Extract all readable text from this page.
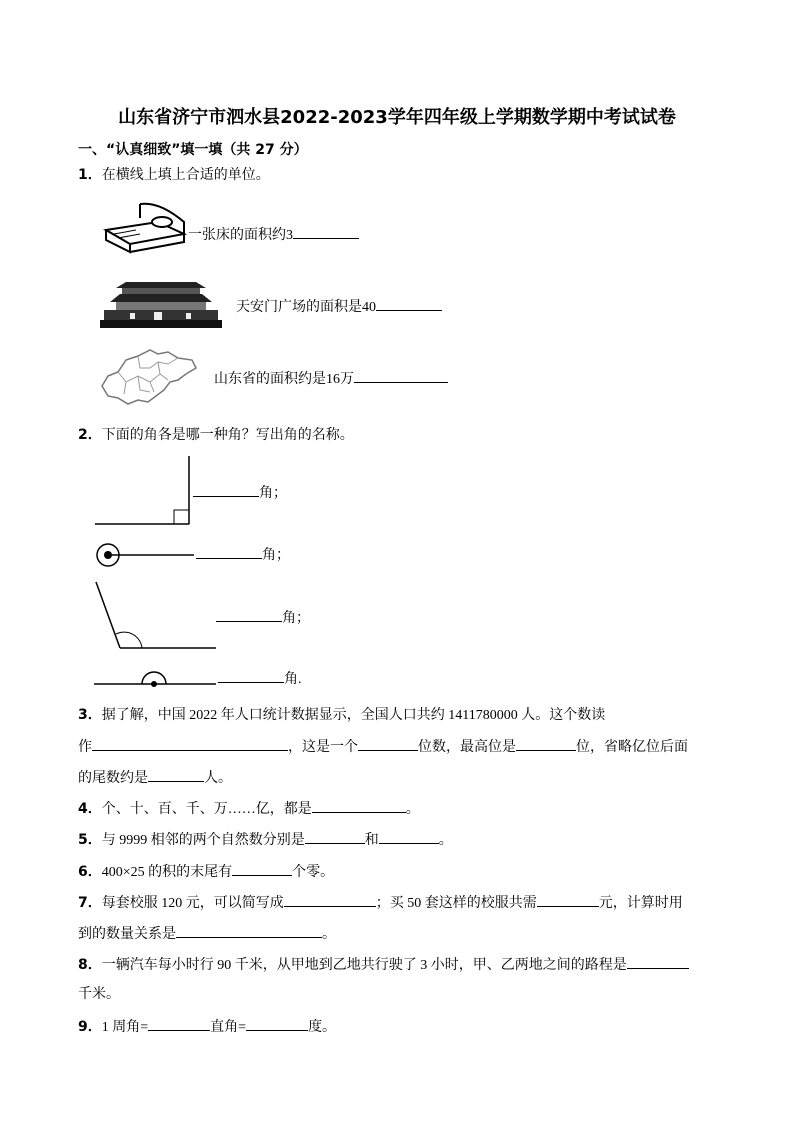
山东省济宁市泗水县2022-2023学年四年级上学期数学期中考试试卷
一、“认真细致”填一填（共 27 分）
1．在横线上填上合适的单位。
一张床的面积约3
天安门广场的面积是40
山东省的面积约是16万
2．下面的角各是哪一种角？写出角的名称。
角；
角；
角；
角.
3．据了解，中国 2022 年人口统计数据显示，全国人口共约 1411780000 人。这个数读
作	，这是一个	位数，最高位是	位，省略亿位后面
的尾数约是	人。
4．个、十、百、千、万……亿，都是	。
5．与 9999 相邻的两个自然数分别是	和	。
6．400×25 的积的末尾有	个零。
7．每套校服 120 元，可以简写成	；买 50 套这样的校服共需	元，计算时用
到的数量关系是	。
8．一辆汽车每小时行 90 千米，从甲地到乙地共行驶了 3 小时，甲、乙两地之间的路程是
千米。
9．1 周角=	直角=	度。
